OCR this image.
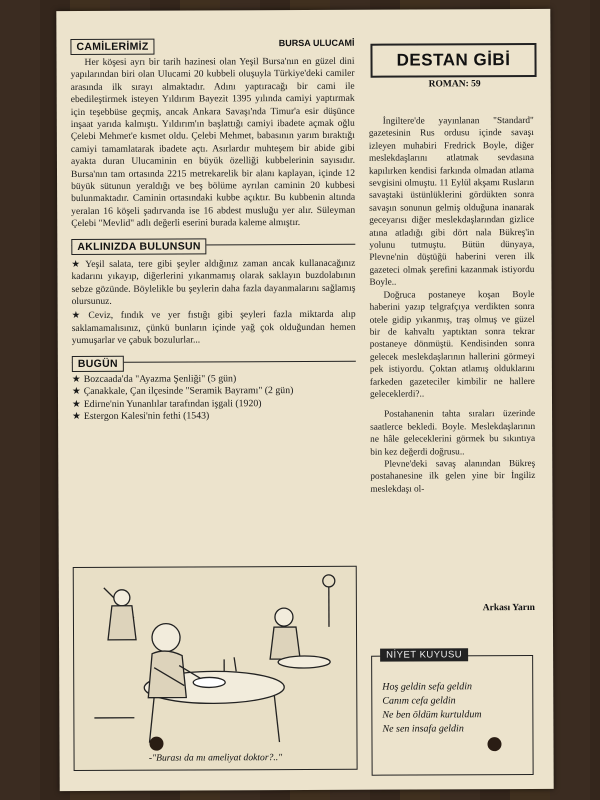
CAMİLERİMİZ	BURSA ULUCAMİ

Her köşesi ayrı bir tarih hazinesi olan Yeşil Bursa'nın en güzel dini yapılarından biri olan Ulucami 20 kubbeli oluşuyla Türkiye'deki camiler arasında ilk sırayı almaktadır. Adını yaptıracağı bir cami ile ebedileştirmek isteyen Yıldırım Bayezit 1395 yılında camiyi yaptırmak için teşebbüse geçmiş, ancak Ankara Savaşı'nda Timur'a esir düşünce inşaat yarıda kalmıştı. Yıldırım'ın başlattığı camiyi ibadete açmak oğlu Çelebi Mehmet'e kısmet oldu. Çelebi Mehmet, babasının yarım bıraktığı camiyi tamamlatarak ibadete açtı. Asırlardır muhteşem bir abide gibi ayakta duran Ulucaminin en büyük özelliği kubbelerinin sayısıdır. Bursa'nın tam ortasında 2215 metrekarelik bir alanı kaplayan, içinde 12 büyük sütunun yeraldığı ve beş bölüme ayrılan caminin 20 kubbesi bulunmaktadır. Caminin ortasındaki kubbe açıktır. Bu kubbenin altında yeralan 16 köşeli şadırvanda ise 16 abdest musluğu yer alır. Süleyman Çelebi "Mevlid" adlı değerli eserini burada kaleme almıştır.

AKLINIZDA BULUNSUN

★ Yeşil salata, tere gibi şeyler aldığınız zaman ancak kullanacağınız kadarını yıkayıp, diğerlerini yıkanmamış olarak saklayın buzdolabının sebze gözünde. Böylelikle bu şeylerin daha fazla dayanmalarını sağlamış olursunuz.

★ Ceviz, fındık ve yer fıstığı gibi şeyleri fazla miktarda alıp saklamamalısınız, çünkü bunların içinde yağ çok olduğundan hemen yumuşarlar ve çabuk bozulurlar...

BUGÜN
★ Bozcaada'da "Ayazma Şenliği" (5 gün)
★ Çanakkale, Çan ilçesinde "Seramik Bayramı" (2 gün)
★ Edirne'nin Yunanlılar tarafından işgali (1920)
★ Estergon Kalesi'nin fethi (1543)
-"Burası da mı ameliyat doktor?.."
DESTAN GİBİ
ROMAN: 59

İngiltere'de yayınlanan "Standard" gazetesinin Rus ordusu içinde savaşı izleyen muhabiri Fredrick Boyle, diğer meslekdaşlarını atlatmak sevdasına kapılırken kendisi farkında olmadan atlama sevgisini olmuştu. 11 Eylül akşamı Rusların savaştaki üstünlüklerini gördükten sonra savaşın sonunun gelmiş olduğuna inanarak geceyarısı diğer meslekdaşlarından gizlice atına atladığı gibi dört nala Bükreş'in yolunu tutmuştu. Bütün dünyaya, Plevne'nin düştüğü haberini veren ilk gazeteci olmak şerefini kazanmak istiyordu Boyle..

Doğruca postaneye koşan Boyle haberini yazıp telgrafçıya verdikten sonra otele gidip yıkanmış, traş olmuş ve güzel bir de kahvaltı yaptıktan sonra tekrar postaneye dönmüştü. Kendisinden sonra gelecek meslekdaşlarının hallerini görmeyi pek istiyordu. Çoktan atlamış olduklarını farkeden gazeteciler kimbilir ne hallere geleceklerdi?..

Postahanenin tahta sıraları üzerinde saatlerce bekledi. Boyle. Meslekdaşlarının ne hâle geleceklerini görmek bu sıkıntıya bin kez değerdi doğrusu..

Plevne'deki savaş alanından Bükreş postahanesine ilk gelen yine bir İngiliz meslekdaşı ol-

Arkası Yarın
NİYET KUYUSU
Hoş geldin sefa geldin
Canım cefa geldin
Ne ben öldüm kurtuldum
Ne sen insafa geldin
